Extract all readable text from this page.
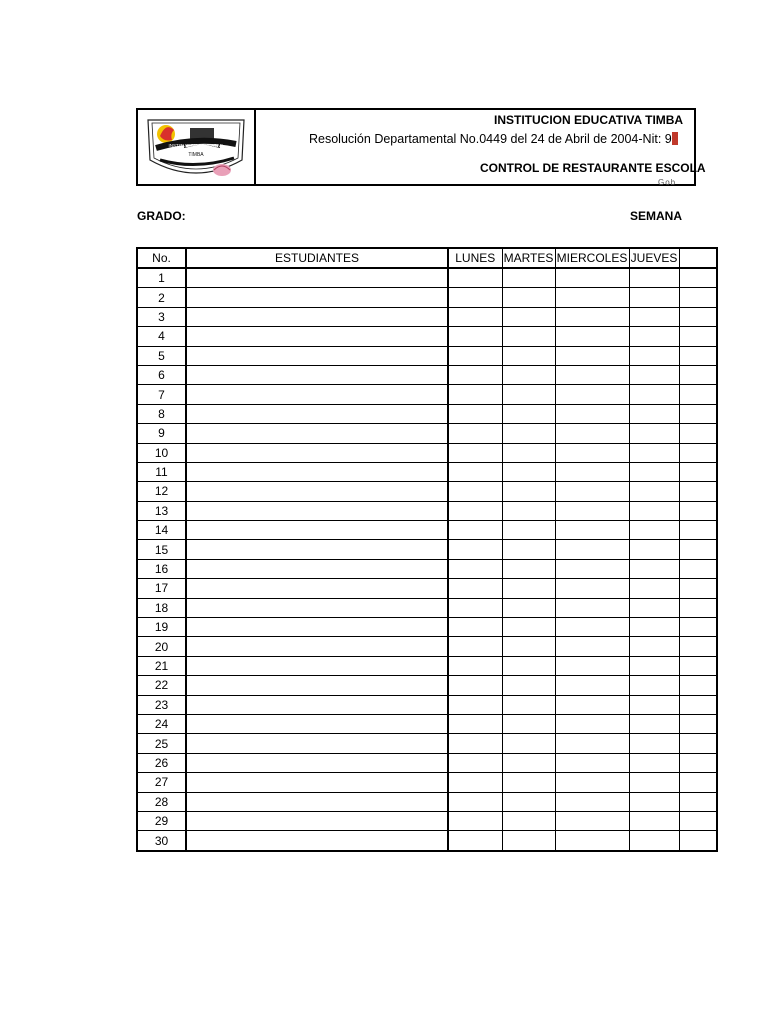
INSTITUCION EDUCATIVA
TIMBA
INSTITUCION EDUCATIVA TIMBA
Resolución Departamental No.0449 del 24 de Abril de 2004-Nit: 9
CONTROL DE RESTAURANTE ESCOLA
Gob
GRADO:	SEMANA
No.	ESTUDIANTES	LUNES	MARTES	MIERCOLES	JUEVES	
1						
2						
3						
4						
5						
6						
7						
8						
9						
10						
11						
12						
13						
14						
15						
16						
17						
18						
19						
20						
21						
22						
23						
24						
25						
26						
27						
28						
29						
30						
